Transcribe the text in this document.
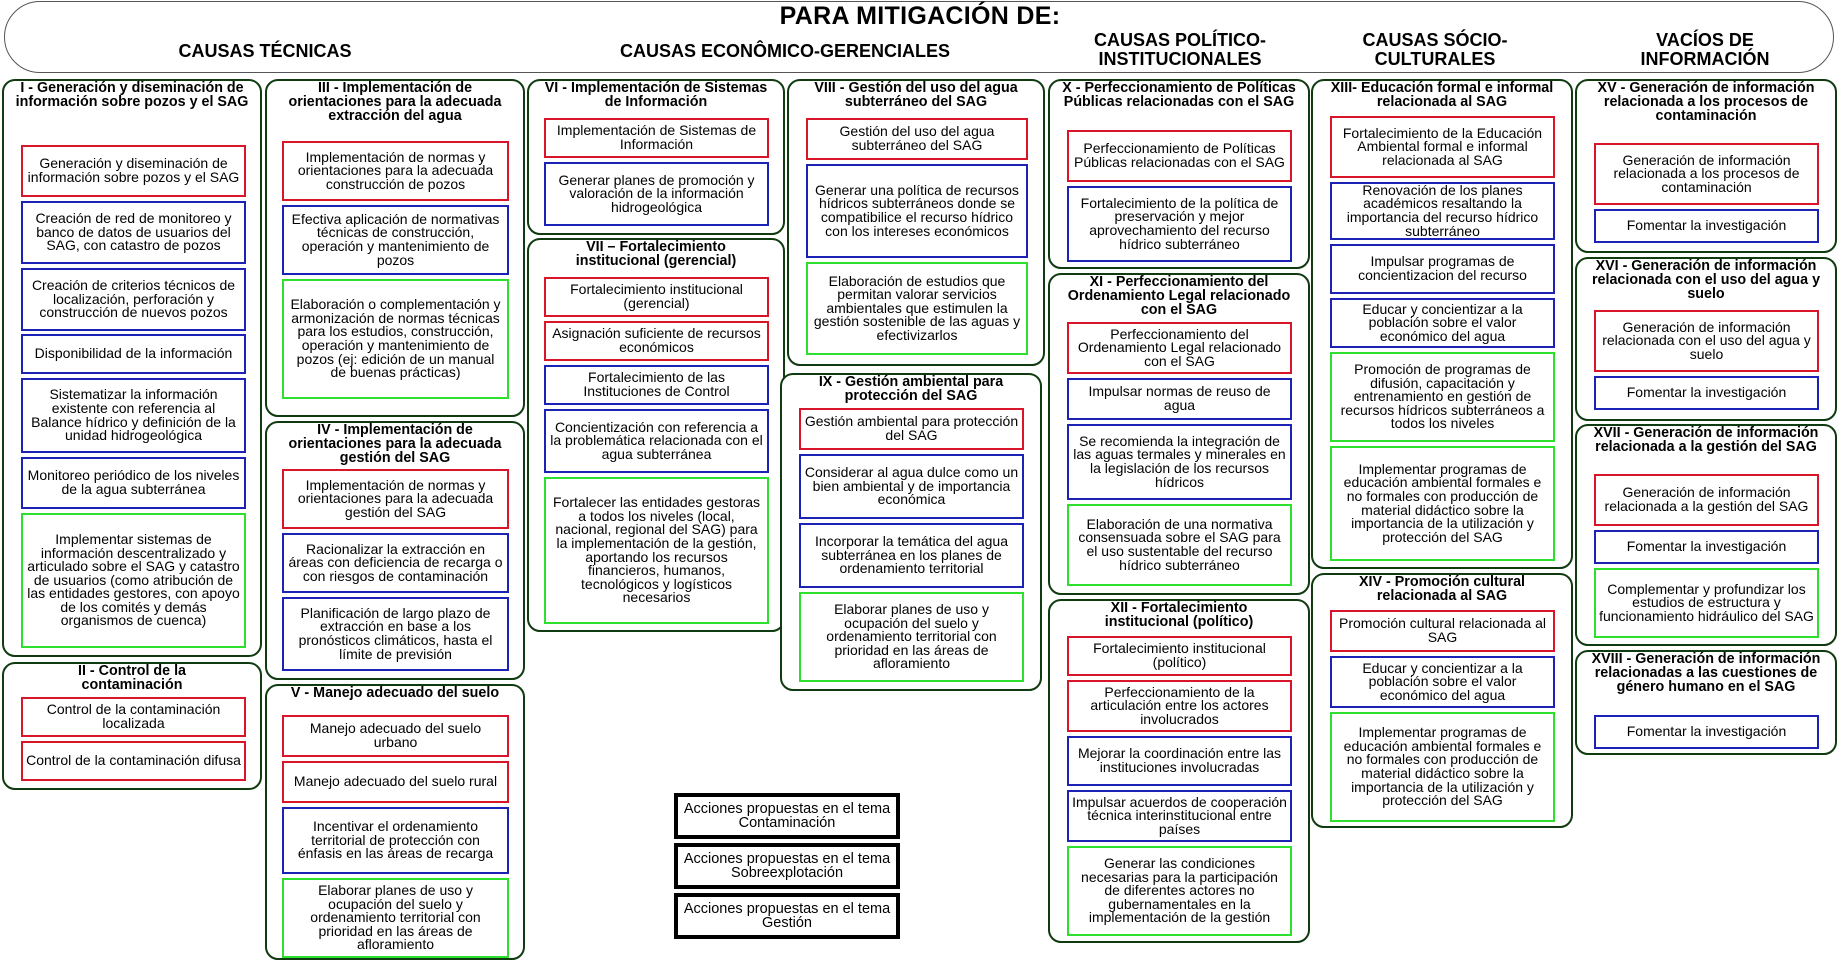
PARA MITIGACIÓN DE:
CAUSAS TÉCNICAS	CAUSAS ECONÔMICO-GERENCIALES
CAUSAS POLÍTICO-INSTITUCIONALES
CAUSAS SÓCIO-CULTURALES
VACÍOS DE INFORMACIÓN
I - Generación y diseminación de información sobre pozos y el SAG
Generación y diseminación de información sobre pozos y el SAG
Creación de red de monitoreo y banco de datos de usuarios del SAG, con catastro de pozos
Creación de criterios técnicos de localización, perforación y construcción de nuevos pozos
Disponibilidad de la información
Sistematizar la información existente con referencia al Balance hídrico y definición de la unidad hidrogeológica
Monitoreo periódico de los niveles de la agua subterránea
Implementar sistemas de información descentralizado y articulado sobre el SAG y catastro de usuarios (como atribución de las entidades gestores, con apoyo de los comités y demás organismos de cuenca)
II - Control de la contaminación
Control de la contaminación localizada
Control de la contaminación difusa
III - Implementación de orientaciones para la adecuada extracción del agua
Implementación de normas y orientaciones para la adecuada construcción de pozos
Efectiva aplicación de normativas técnicas de construcción, operación y mantenimiento de pozos
Elaboración o complementación y armonización de normas técnicas para los estudios, construcción, operación y mantenimiento de pozos (ej: edición de un manual de buenas prácticas)
IV - Implementación de orientaciones para la adecuada gestión del SAG
Implementación de normas y orientaciones para la adecuada gestión del SAG
Racionalizar la extracción en áreas con deficiencia de recarga o con riesgos de contaminación
Planificación de largo plazo de extracción en base a los pronósticos climáticos, hasta el límite de previsión
V - Manejo adecuado del suelo
Manejo adecuado del suelo urbano
Manejo adecuado del suelo rural
Incentivar el ordenamiento territorial de protección con énfasis en las áreas de recarga
Elaborar planes de uso y ocupación del suelo y ordenamiento territorial con prioridad en las áreas de afloramiento
VI - Implementación de Sistemas de Información
Implementación de Sistemas de Información
Generar planes de promoción y valoración de la información hidrogeológica
VII – Fortalecimiento institucional (gerencial)
Fortalecimiento institucional (gerencial)
Asignación suficiente de recursos económicos
Fortalecimiento de las Instituciones de Control
Concientización con referencia a la problemática relacionada con el agua subterránea
Fortalecer las entidades gestoras a todos los niveles (local, nacional, regional del SAG) para la implementación de la gestión, aportando los recursos financieros, humanos, tecnológicos y logísticos necesarios
VIII - Gestión del uso del agua subterráneo del SAG
Gestión del uso del agua subterráneo del SAG
Generar una política de recursos hídricos subterráneos donde se compatibilice el recurso hídrico con los intereses económicos
Elaboración de estudios que permitan valorar servicios ambientales que estimulen la gestión sostenible de las aguas y efectivizarlos
IX - Gestión ambiental para protección del SAG
Gestión ambiental para protección del SAG
Considerar al agua dulce como un bien ambiental y de importancia económica
Incorporar la temática del agua subterránea en los planes de ordenamiento territorial
Elaborar planes de uso y ocupación del suelo y ordenamiento territorial con prioridad en las áreas de afloramiento
X - Perfeccionamiento de Políticas Públicas relacionadas con el SAG
Perfeccionamiento de Políticas Públicas relacionadas con el SAG
Fortalecimiento de la política de preservación y mejor aprovechamiento del recurso hídrico subterráneo
XI - Perfeccionamiento del Ordenamiento Legal relacionado con el SAG
Perfeccionamiento del Ordenamiento Legal relacionado con el SAG
Impulsar normas de reuso de agua
Se recomienda la integración de las aguas termales y minerales en la legislación de los recursos hídricos
Elaboración de una normativa consensuada sobre el SAG para el uso sustentable del recurso hídrico subterráneo
XII - Fortalecimiento institucional (político)
Fortalecimiento institucional (político)
Perfeccionamiento de la articulación entre los actores involucrados
Mejorar la coordinación entre las instituciones involucradas
Impulsar acuerdos de cooperación técnica interinstitucional entre países
Generar las condiciones necesarias para la participación de diferentes actores no gubernamentales en la implementación de la gestión
XIII- Educación formal e informal relacionada al SAG
Fortalecimiento de la Educación Ambiental formal e informal relacionada al SAG
Renovación de los planes académicos resaltando la importancia del recurso hídrico subterráneo
Impulsar programas de concientizacion del recurso
Educar y concientizar a la población sobre el valor económico del agua
Promoción de programas de difusión, capacitación y entrenamiento en gestión de recursos hídricos subterráneos a todos los niveles
Implementar programas de educación ambiental formales e no formales con producción de material didáctico sobre la importancia de la utilización y protección del SAG
XIV - Promoción cultural relacionada al SAG
Promoción cultural relacionada al SAG
Educar y concientizar a la población sobre el valor económico del agua
Implementar programas de educación ambiental formales e no formales con producción de material didáctico sobre la importancia de la utilización y protección del SAG
XV - Generación de información relacionada a los procesos de contaminación
Generación de información relacionada a los procesos de contaminación
Fomentar la investigación
XVI - Generación de información relacionada con el uso del agua y suelo
Generación de información relacionada con el uso del agua y suelo
Fomentar la investigación
XVII - Generación de información relacionada a la gestión del SAG
Generación de información relacionada a la gestión del SAG
Fomentar la investigación
Complementar y profundizar los estudios de estructura y funcionamiento hidráulico del SAG
XVIII - Generación de información relacionadas a las cuestiones de género humano en el SAG
Fomentar la investigación
Acciones propuestas en el tema Contaminación
Acciones propuestas en el tema Sobreexplotación
Acciones propuestas en el tema Gestión
